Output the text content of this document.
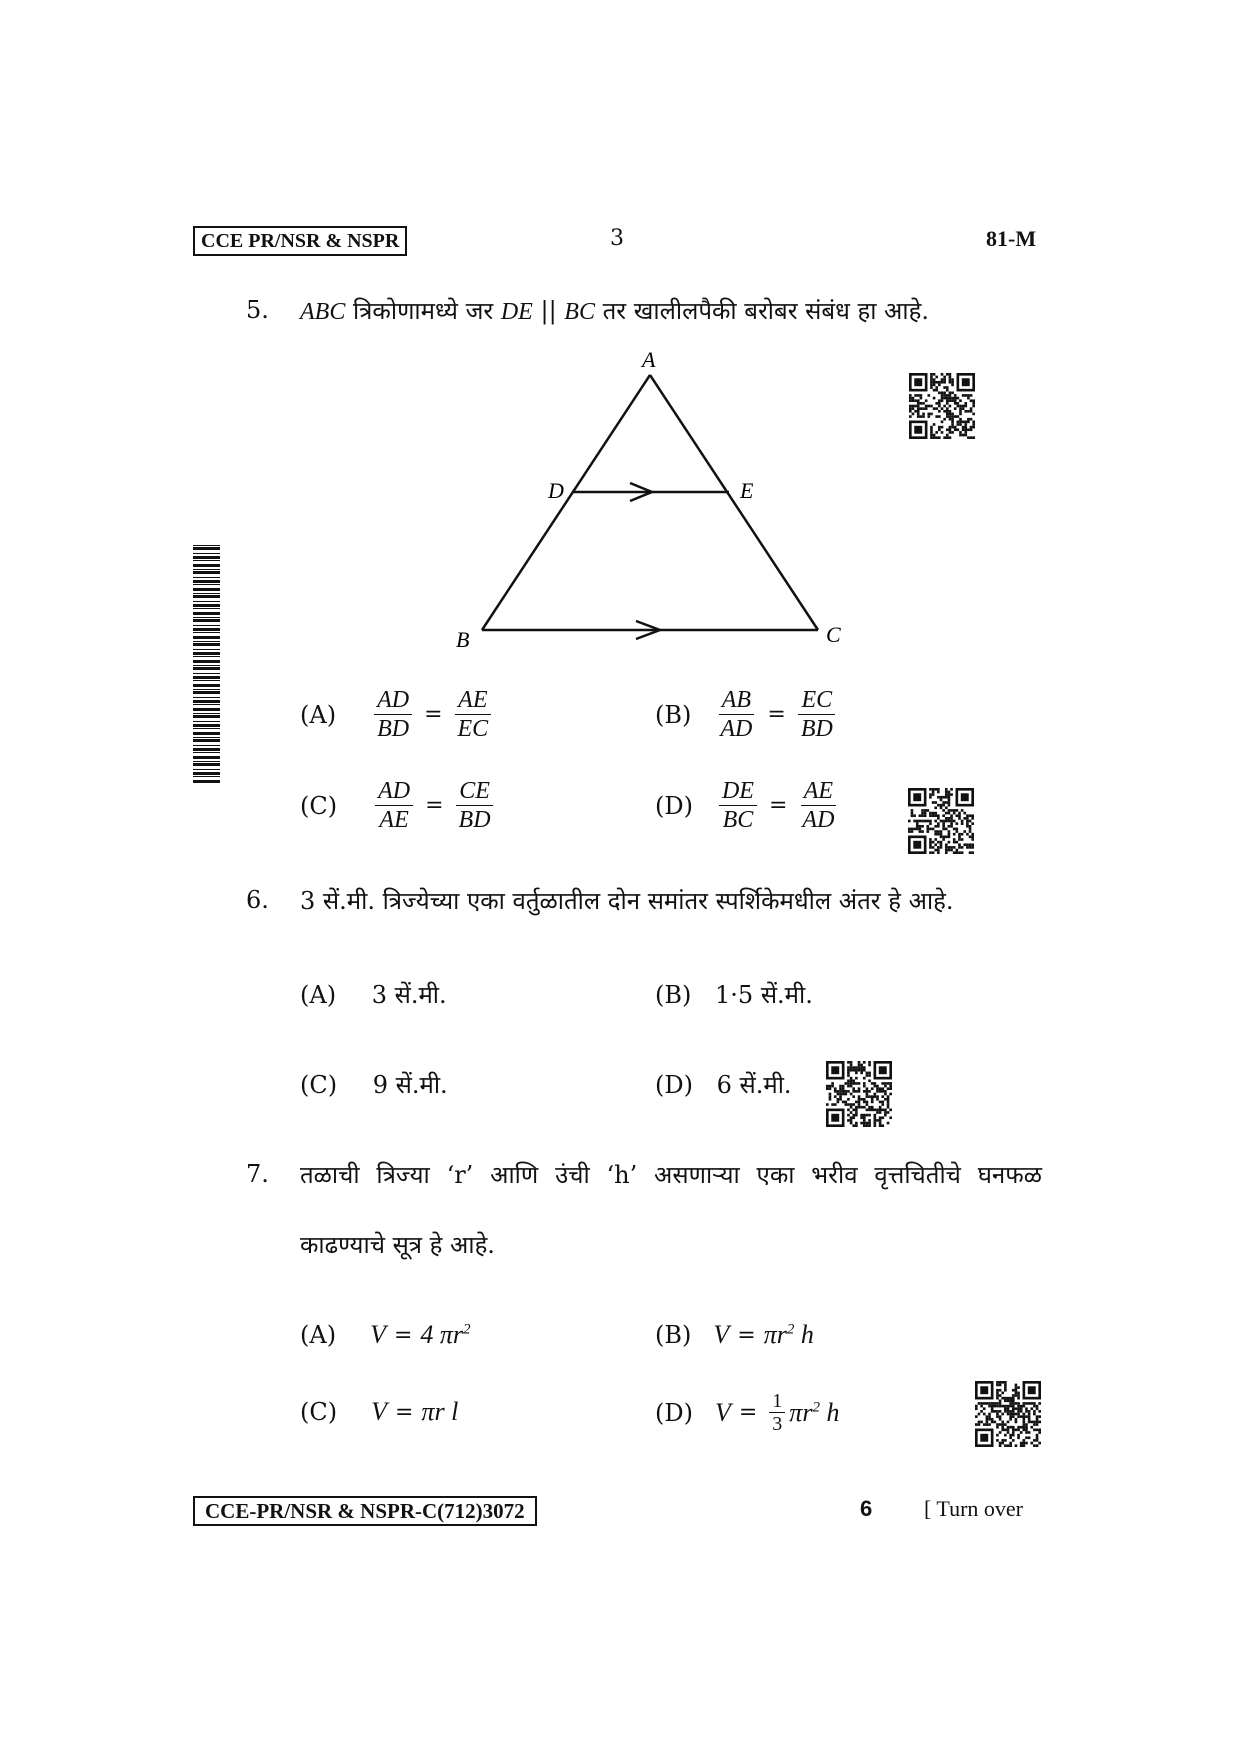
CCE PR/NSR & NSPR	3	81-M
5. ABC त्रिकोणामध्ये जर DE || BC तर खालीलपैकी बरोबर संबंध हा आहे.
A
D	E
B	C
$(A) \frac{AD}{BD} = \frac{AE}{EC}$	$(B) \frac{AB}{AD} = \frac{EC}{BD}$
$(C) \frac{AD}{AE} = \frac{CE}{BD}$	$(D) \frac{DE}{BC} = \frac{AE}{AD}$
6. 3 सें.मी. त्रिज्येच्या एका वर्तुळातील दोन समांतर स्पर्शिकेमधील अंतर हे आहे.
(A) 3 सें.मी.	(B) 1·5 सें.मी.
(C) 9 सें.मी.	(D) 6 सें.मी.
7. तळाची त्रिज्या ‘r’ आणि उंची ‘h’ असणाऱ्या एका भरीव वृत्तचितीचे घनफळ
काढण्याचे सूत्र हे आहे.
(A) V = 4 $\pi r^2$	(B) $V = \pi r^2$ h
(C) V = πr l	(D) $V = \frac{1}{3} \pi r^2$ h
CCE-PR/NSR & NSPR-C(712)3072	6 [ Turn over
